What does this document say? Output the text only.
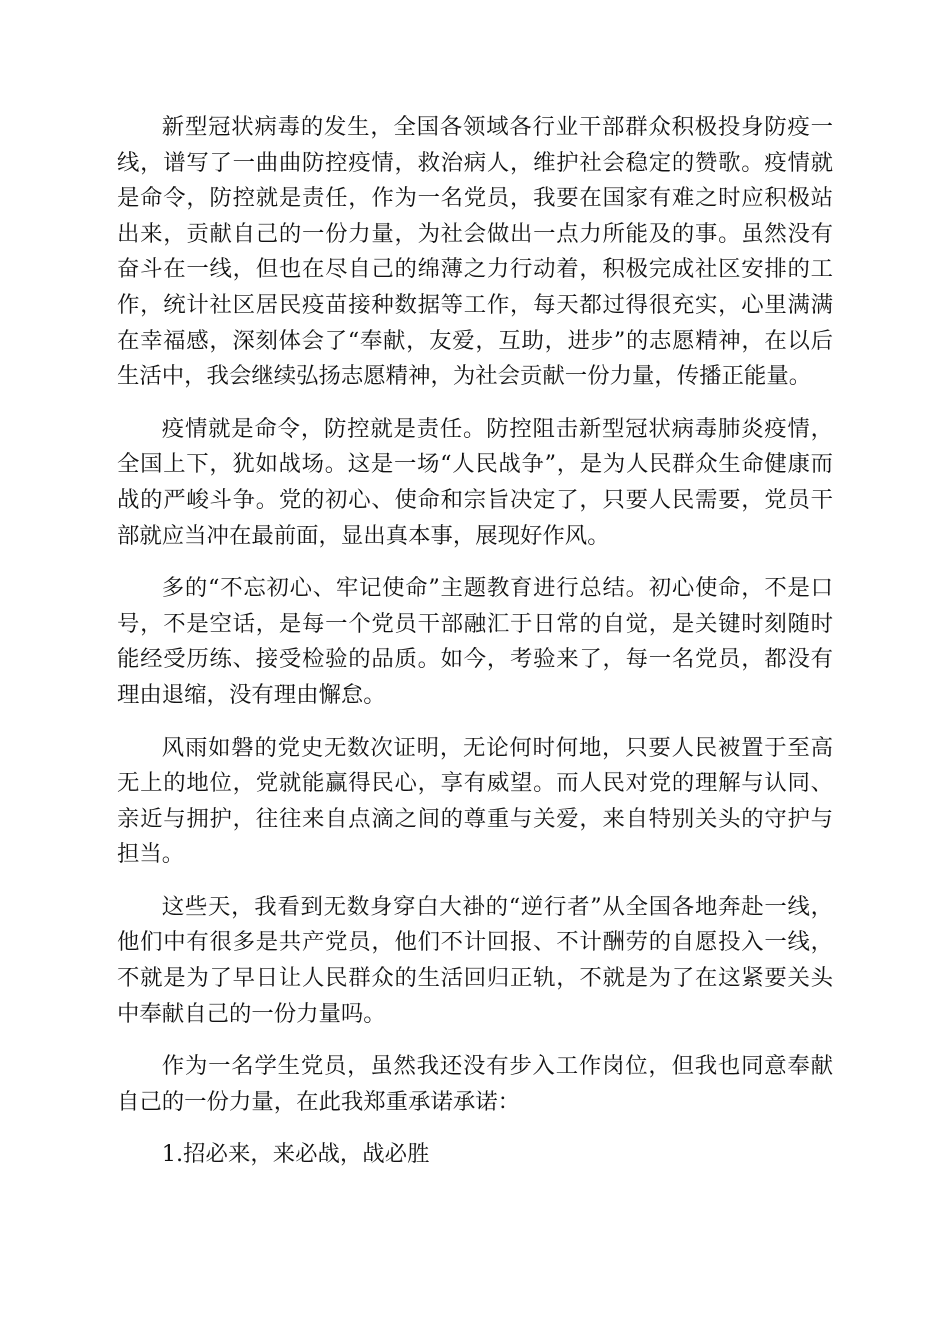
新型冠状病毒的发生，全国各领域各行业干部群众积极投身防疫一线，谱写了一曲曲防控疫情，救治病人，维护社会稳定的赞歌。疫情就是命令，防控就是责任，作为一名党员，我要在国家有难之时应积极站出来，贡献自己的一份力量，为社会做出一点力所能及的事。虽然没有奋斗在一线，但也在尽自己的绵薄之力行动着，积极完成社区安排的工作，统计社区居民疫苗接种数据等工作，每天都过得很充实，心里满满在幸福感，深刻体会了“奉献，友爱，互助，进步”的志愿精神，在以后生活中，我会继续弘扬志愿精神，为社会贡献一份力量，传播正能量。

疫情就是命令，防控就是责任。防控阻击新型冠状病毒肺炎疫情，全国上下，犹如战场。这是一场“人民战争”，是为人民群众生命健康而战的严峻斗争。党的初心、使命和宗旨决定了，只要人民需要，党员干部就应当冲在最前面，显出真本事，展现好作风。

多的“不忘初心、牢记使命”主题教育进行总结。初心使命，不是口号，不是空话，是每一个党员干部融汇于日常的自觉，是关键时刻随时能经受历练、接受检验的品质。如今，考验来了，每一名党员，都没有理由退缩，没有理由懈怠。

风雨如磐的党史无数次证明，无论何时何地，只要人民被置于至高无上的地位，党就能赢得民心，享有威望。而人民对党的理解与认同、亲近与拥护，往往来自点滴之间的尊重与关爱，来自特别关头的守护与担当。

这些天，我看到无数身穿白大褂的“逆行者”从全国各地奔赴一线，他们中有很多是共产党员，他们不计回报、不计酬劳的自愿投入一线，不就是为了早日让人民群众的生活回归正轨，不就是为了在这紧要关头中奉献自己的一份力量吗。

作为一名学生党员，虽然我还没有步入工作岗位，但我也同意奉献自己的一份力量，在此我郑重承诺承诺：

1.招必来，来必战，战必胜
